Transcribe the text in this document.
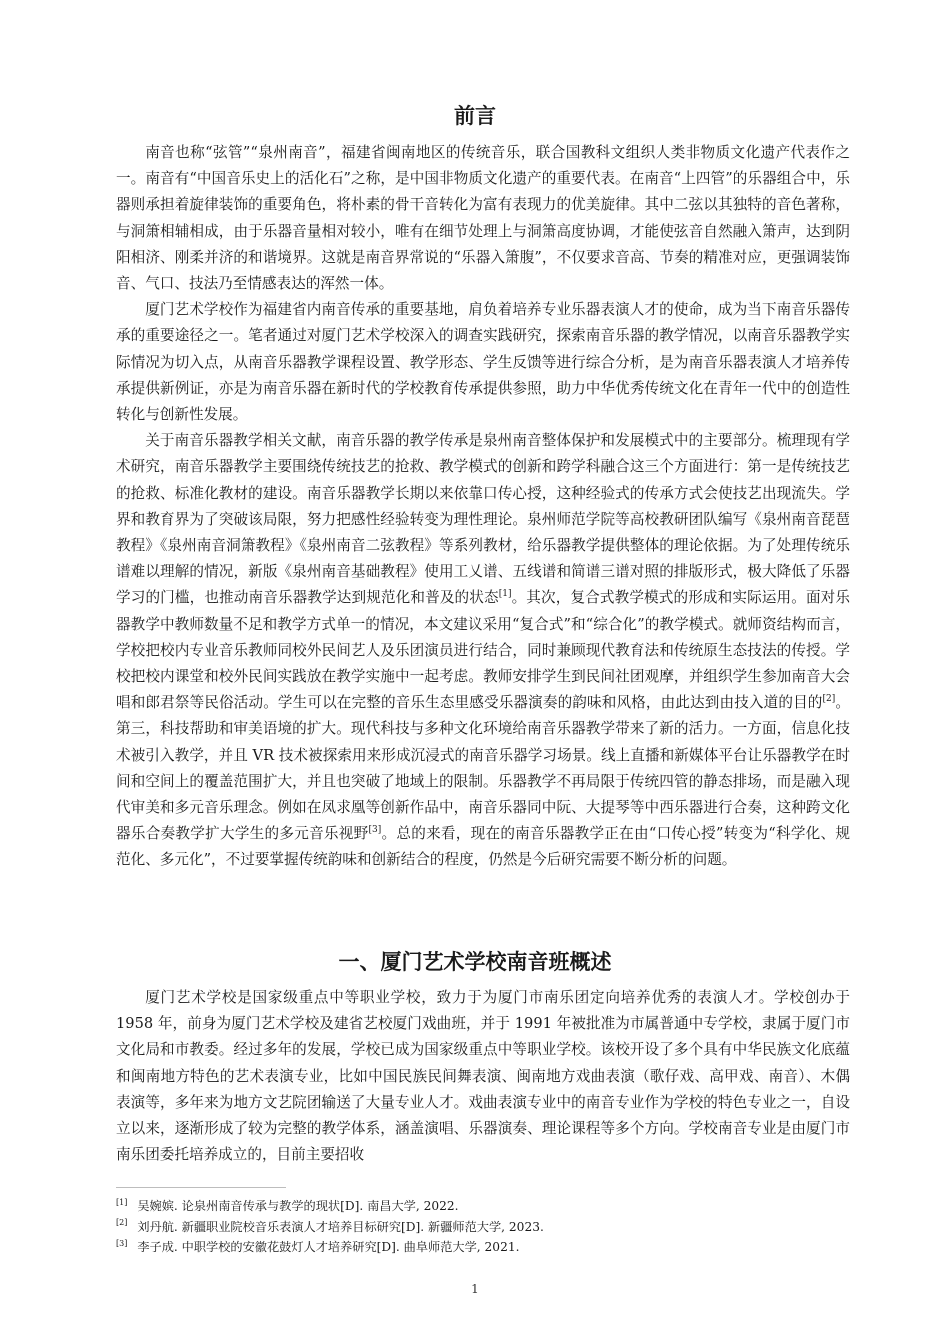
前言

南音也称“弦管”“泉州南音”，福建省闽南地区的传统音乐，联合国教科文组织人类非物质文化遗产代表作之一。南音有“中国音乐史上的活化石”之称，是中国非物质文化遗产的重要代表。在南音“上四管”的乐器组合中，乐器则承担着旋律装饰的重要角色，将朴素的骨干音转化为富有表现力的优美旋律。其中二弦以其独特的音色著称，与洞箫相辅相成，由于乐器音量相对较小，唯有在细节处理上与洞箫高度协调，才能使弦音自然融入箫声，达到阴阳相济、刚柔并济的和谐境界。这就是南音界常说的“乐器入箫腹”，不仅要求音高、节奏的精准对应，更强调装饰音、气口、技法乃至情感表达的浑然一体。

厦门艺术学校作为福建省内南音传承的重要基地，肩负着培养专业乐器表演人才的使命，成为当下南音乐器传承的重要途径之一。笔者通过对厦门艺术学校深入的调查实践研究，探索南音乐器的教学情况，以南音乐器教学实际情况为切入点，从南音乐器教学课程设置、教学形态、学生反馈等进行综合分析，是为南音乐器表演人才培养传承提供新例证，亦是为南音乐器在新时代的学校教育传承提供参照，助力中华优秀传统文化在青年一代中的创造性转化与创新性发展。

关于南音乐器教学相关文献，南音乐器的教学传承是泉州南音整体保护和发展模式中的主要部分。梳理现有学术研究，南音乐器教学主要围绕传统技艺的抢救、教学模式的创新和跨学科融合这三个方面进行：第一是传统技艺的抢救、标准化教材的建设。南音乐器教学长期以来依靠口传心授，这种经验式的传承方式会使技艺出现流失。学界和教育界为了突破该局限，努力把感性经验转变为理性理论。泉州师范学院等高校教研团队编写《泉州南音琵琶教程》《泉州南音洞箫教程》《泉州南音二弦教程》等系列教材，给乐器教学提供整体的理论依据。为了处理传统乐谱难以理解的情况，新版《泉州南音基础教程》使用工乂谱、五线谱和简谱三谱对照的排版形式，极大降低了乐器学习的门槛，也推动南音乐器教学达到规范化和普及的状态[1]。其次，复合式教学模式的形成和实际运用。面对乐器教学中教师数量不足和教学方式单一的情况，本文建议采用“复合式”和“综合化”的教学模式。就师资结构而言，学校把校内专业音乐教师同校外民间艺人及乐团演员进行结合，同时兼顾现代教育法和传统原生态技法的传授。学校把校内课堂和校外民间实践放在教学实施中一起考虑。教师安排学生到民间社团观摩，并组织学生参加南音大会唱和郎君祭等民俗活动。学生可以在完整的音乐生态里感受乐器演奏的韵味和风格，由此达到由技入道的目的[2]。第三，科技帮助和审美语境的扩大。现代科技与多种文化环境给南音乐器教学带来了新的活力。一方面，信息化技术被引入教学，并且 VR 技术被探索用来形成沉浸式的南音乐器学习场景。线上直播和新媒体平台让乐器教学在时间和空间上的覆盖范围扩大，并且也突破了地域上的限制。乐器教学不再局限于传统四管的静态排场，而是融入现代审美和多元音乐理念。例如在凤求凰等创新作品中，南音乐器同中阮、大提琴等中西乐器进行合奏，这种跨文化器乐合奏教学扩大学生的多元音乐视野[3]。总的来看，现在的南音乐器教学正在由“口传心授”转变为“科学化、规范化、多元化”，不过要掌握传统韵味和创新结合的程度，仍然是今后研究需要不断分析的问题。

一、厦门艺术学校南音班概述

厦门艺术学校是国家级重点中等职业学校，致力于为厦门市南乐团定向培养优秀的表演人才。学校创办于 1958 年，前身为厦门艺术学校及建省艺校厦门戏曲班，并于 1991 年被批准为市属普通中专学校，隶属于厦门市文化局和市教委。经过多年的发展，学校已成为国家级重点中等职业学校。该校开设了多个具有中华民族文化底蕴和闽南地方特色的艺术表演专业，比如中国民族民间舞表演、闽南地方戏曲表演（歌仔戏、高甲戏、南音）、木偶表演等，多年来为地方文艺院团输送了大量专业人才。戏曲表演专业中的南音专业作为学校的特色专业之一，自设立以来，逐渐形成了较为完整的教学体系，涵盖演唱、乐器演奏、理论课程等多个方向。学校南音专业是由厦门市南乐团委托培养成立的，目前主要招收

[1] 吴婉嫔. 论泉州南音传承与教学的现状[D]. 南昌大学, 2022.

[2] 刘丹航. 新疆职业院校音乐表演人才培养目标研究[D]. 新疆师范大学, 2023.

[3] 李子成. 中职学校的安徽花鼓灯人才培养研究[D]. 曲阜师范大学, 2021.

1
